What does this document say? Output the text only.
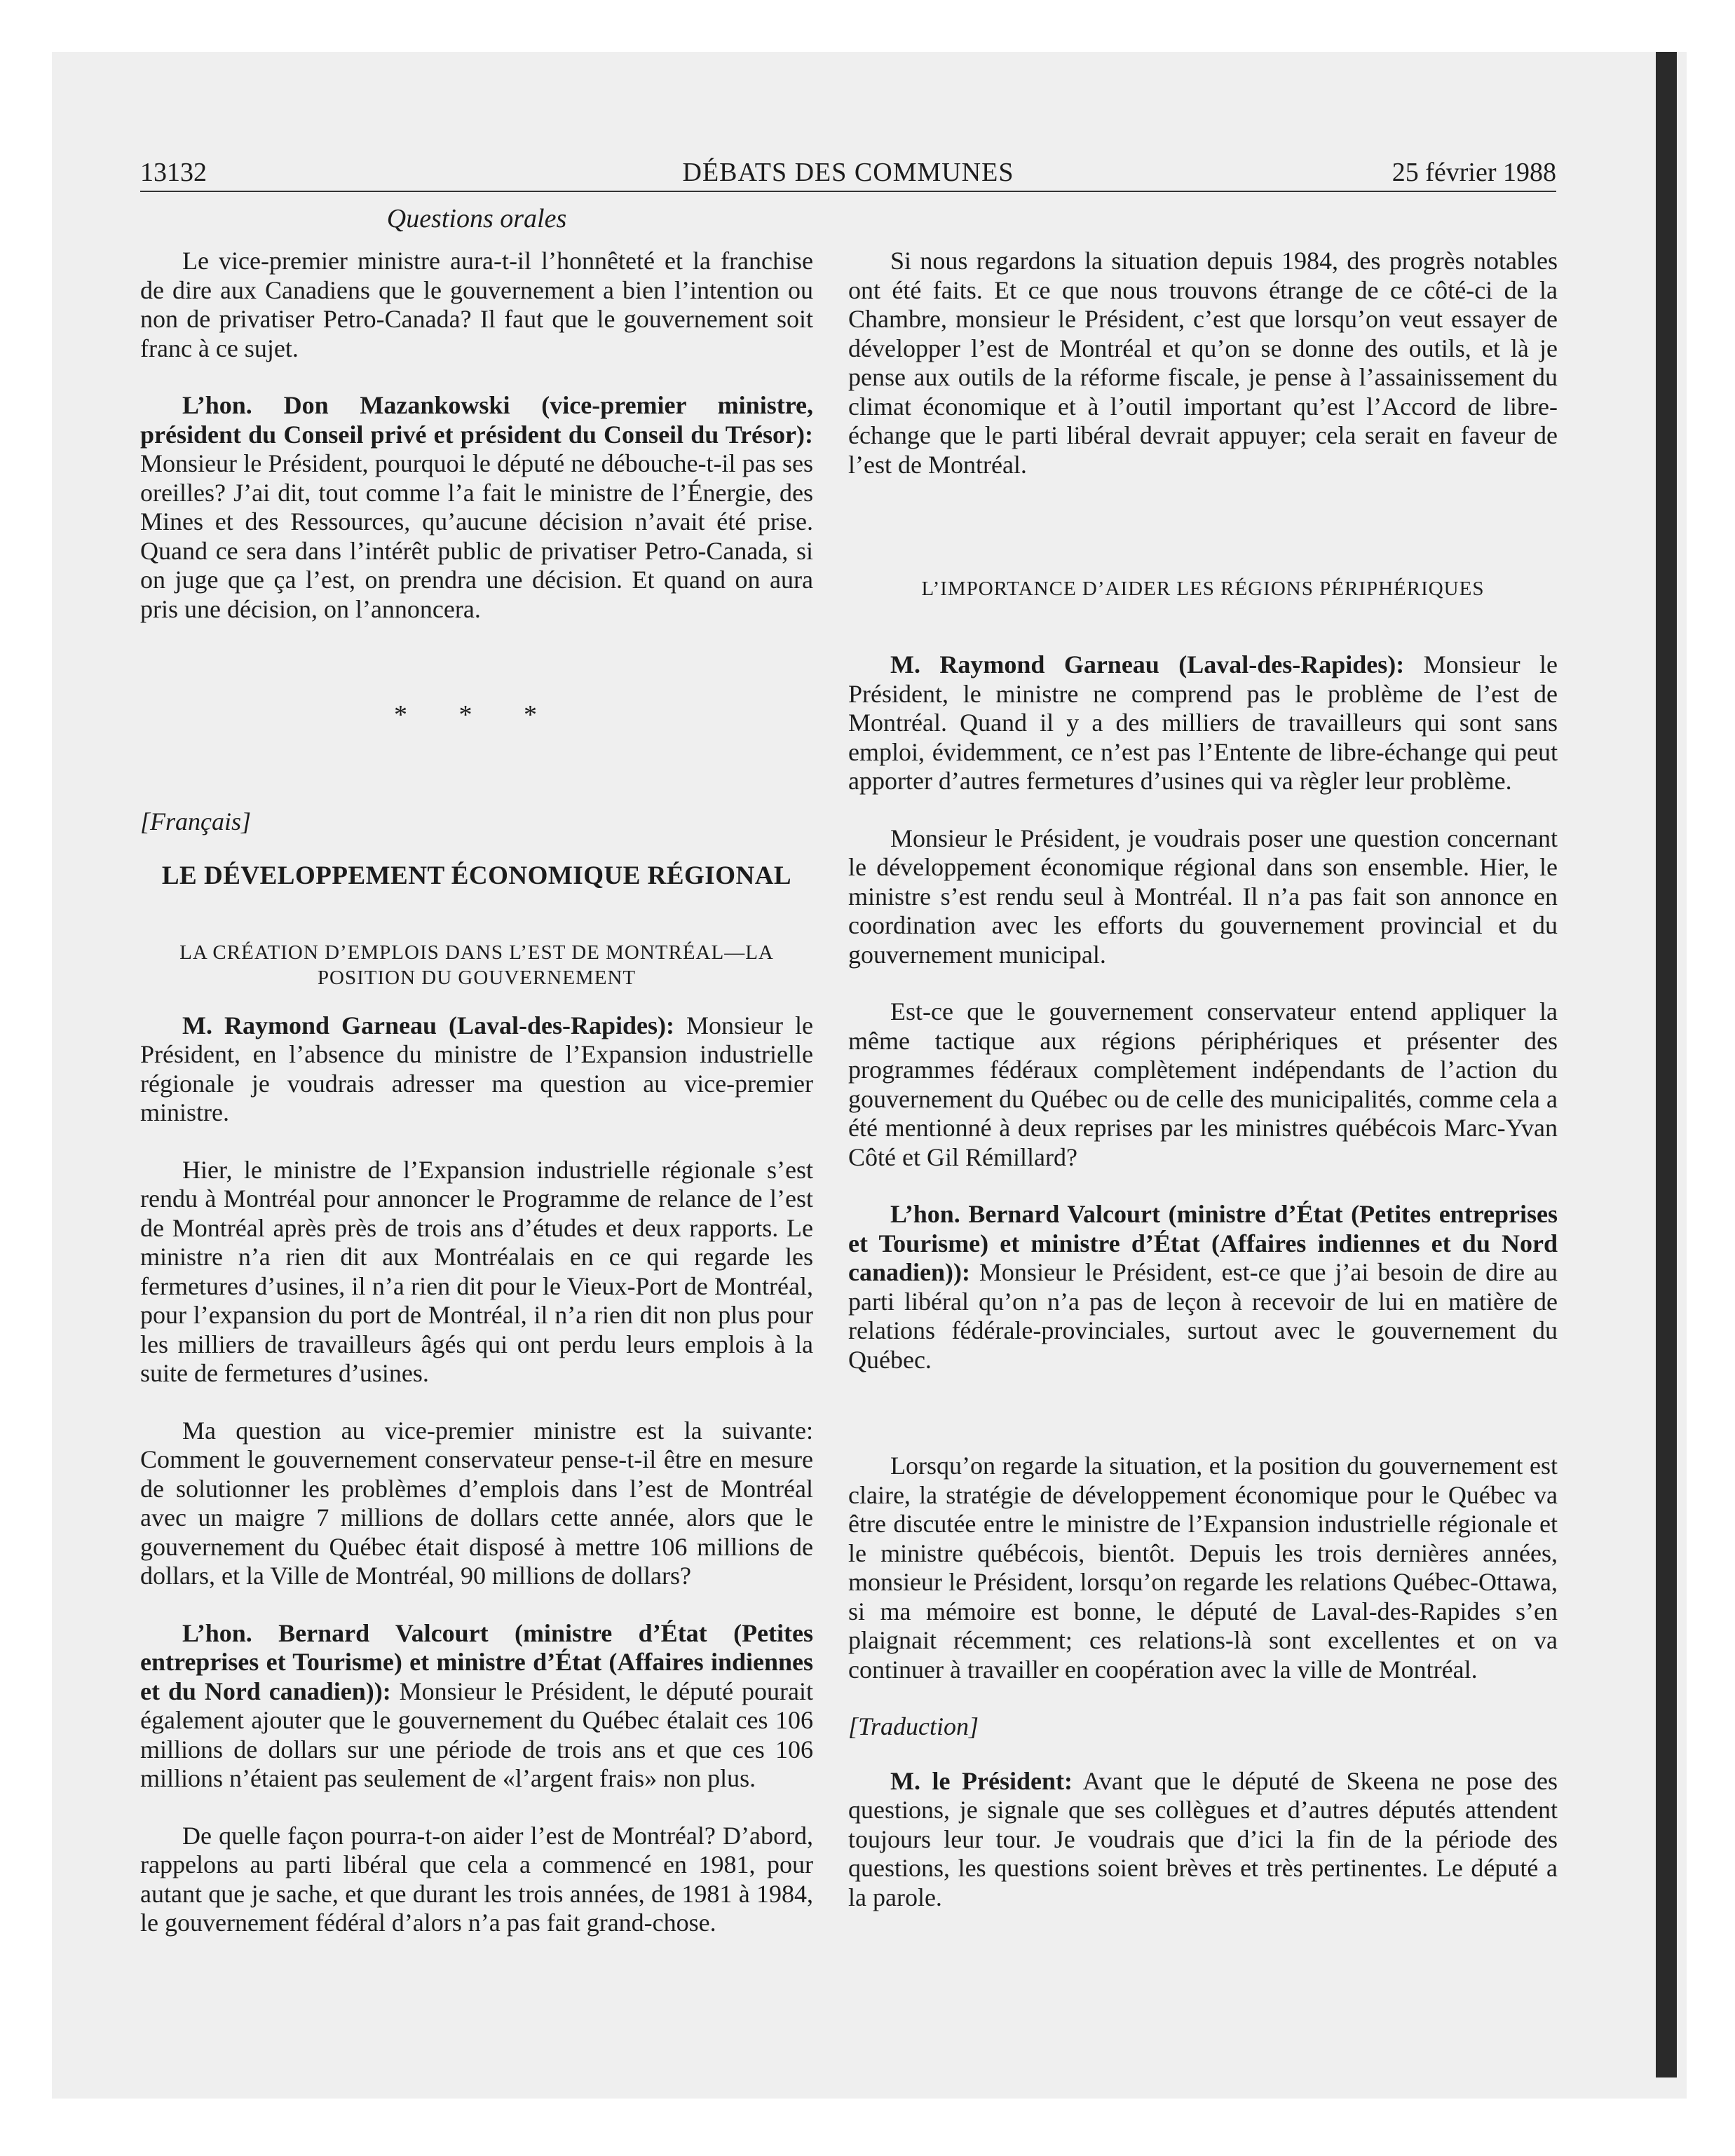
13132	DÉBATS DES COMMUNES	25 février 1988
Questions orales

Le vice-premier ministre aura-t-il l’honnêteté et la franchise de dire aux Canadiens que le gouvernement a bien l’intention ou non de privatiser Petro-Canada? Il faut que le gouvernement soit franc à ce sujet.

L’hon. Don Mazankowski (vice-premier ministre, président du Conseil privé et président du Conseil du Trésor): Monsieur le Président, pourquoi le député ne débouche-t-il pas ses oreilles? J’ai dit, tout comme l’a fait le ministre de l’Énergie, des Mines et des Ressources, qu’aucune décision n’avait été prise. Quand ce sera dans l’intérêt public de privatiser Petro-Canada, si on juge que ça l’est, on prendra une décision. Et quand on aura pris une décision, on l’annoncera.

* * *

[Français]

LE DÉVELOPPEMENT ÉCONOMIQUE RÉGIONAL
LA CRÉATION D’EMPLOIS DANS L’EST DE MONTRÉAL—LA POSITION DU GOUVERNEMENT

M. Raymond Garneau (Laval-des-Rapides): Monsieur le Président, en l’absence du ministre de l’Expansion industrielle régionale je voudrais adresser ma question au vice-premier ministre.

Hier, le ministre de l’Expansion industrielle régionale s’est rendu à Montréal pour annoncer le Programme de relance de l’est de Montréal après près de trois ans d’études et deux rapports. Le ministre n’a rien dit aux Montréalais en ce qui regarde les fermetures d’usines, il n’a rien dit pour le Vieux-Port de Montréal, pour l’expansion du port de Montréal, il n’a rien dit non plus pour les milliers de travailleurs âgés qui ont perdu leurs emplois à la suite de fermetures d’usines.

Ma question au vice-premier ministre est la suivante: Comment le gouvernement conservateur pense-t-il être en mesure de solutionner les problèmes d’emplois dans l’est de Montréal avec un maigre 7 millions de dollars cette année, alors que le gouvernement du Québec était disposé à mettre 106 millions de dollars, et la Ville de Montréal, 90 millions de dollars?

L’hon. Bernard Valcourt (ministre d’État (Petites entreprises et Tourisme) et ministre d’État (Affaires indiennes et du Nord canadien)): Monsieur le Président, le député pourait également ajouter que le gouvernement du Québec étalait ces 106 millions de dollars sur une période de trois ans et que ces 106 millions n’étaient pas seulement de «l’argent frais» non plus.

De quelle façon pourra-t-on aider l’est de Montréal? D’abord, rappelons au parti libéral que cela a commencé en 1981, pour autant que je sache, et que durant les trois années, de 1981 à 1984, le gouvernement fédéral d’alors n’a pas fait grand-chose.

Si nous regardons la situation depuis 1984, des progrès notables ont été faits. Et ce que nous trouvons étrange de ce côté-ci de la Chambre, monsieur le Président, c’est que lorsqu’on veut essayer de développer l’est de Montréal et qu’on se donne des outils, et là je pense aux outils de la réforme fiscale, je pense à l’assainissement du climat économique et à l’outil important qu’est l’Accord de libre-échange que le parti libéral devrait appuyer; cela serait en faveur de l’est de Montréal.

L’IMPORTANCE D’AIDER LES RÉGIONS PÉRIPHÉRIQUES

M. Raymond Garneau (Laval-des-Rapides): Monsieur le Président, le ministre ne comprend pas le problème de l’est de Montréal. Quand il y a des milliers de travailleurs qui sont sans emploi, évidemment, ce n’est pas l’Entente de libre-échange qui peut apporter d’autres fermetures d’usines qui va règler leur problème.

Monsieur le Président, je voudrais poser une question concernant le développement économique régional dans son ensemble. Hier, le ministre s’est rendu seul à Montréal. Il n’a pas fait son annonce en coordination avec les efforts du gouvernement provincial et du gouvernement municipal.

Est-ce que le gouvernement conservateur entend appliquer la même tactique aux régions périphériques et présenter des programmes fédéraux complètement indépendants de l’action du gouvernement du Québec ou de celle des municipalités, comme cela a été mentionné à deux reprises par les ministres québécois Marc-Yvan Côté et Gil Rémillard?

L’hon. Bernard Valcourt (ministre d’État (Petites entreprises et Tourisme) et ministre d’État (Affaires indiennes et du Nord canadien)): Monsieur le Président, est-ce que j’ai besoin de dire au parti libéral qu’on n’a pas de leçon à recevoir de lui en matière de relations fédérale-provinciales, surtout avec le gouvernement du Québec.

Lorsqu’on regarde la situation, et la position du gouvernement est claire, la stratégie de développement économique pour le Québec va être discutée entre le ministre de l’Expansion industrielle régionale et le ministre québécois, bientôt. Depuis les trois dernières années, monsieur le Président, lorsqu’on regarde les relations Québec-Ottawa, si ma mémoire est bonne, le député de Laval-des-Rapides s’en plaignait récemment; ces relations-là sont excellentes et on va continuer à travailler en coopération avec la ville de Montréal.

[Traduction]

M. le Président: Avant que le député de Skeena ne pose des questions, je signale que ses collègues et d’autres députés attendent toujours leur tour. Je voudrais que d’ici la fin de la période des questions, les questions soient brèves et très pertinentes. Le député a la parole.
